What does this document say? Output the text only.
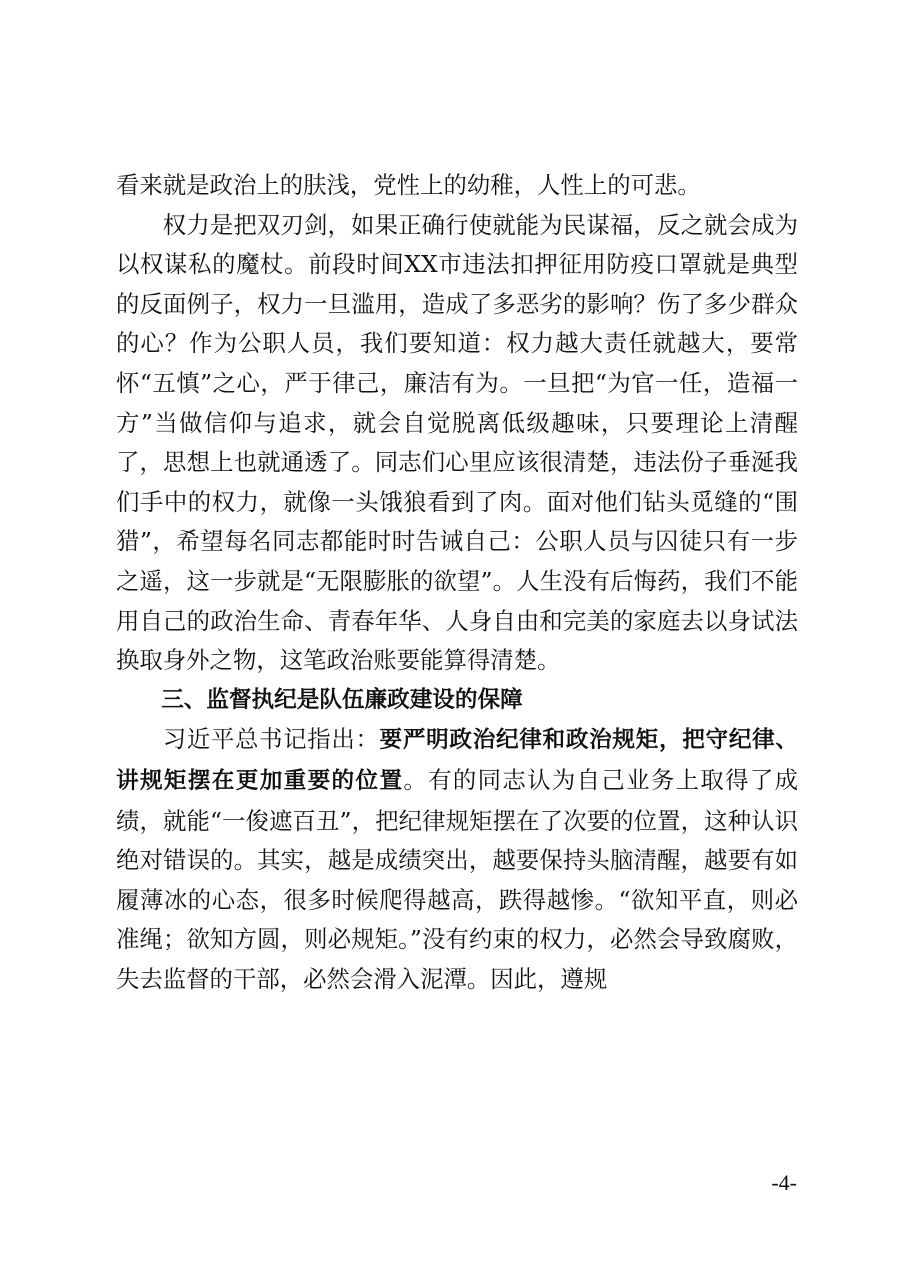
看来就是政治上的肤浅，党性上的幼稚，人性上的可悲。

权力是把双刃剑，如果正确行使就能为民谋福，反之就会成为以权谋私的魔杖。前段时间XX市违法扣押征用防疫口罩就是典型的反面例子，权力一旦滥用，造成了多恶劣的影响？伤了多少群众的心？作为公职人员，我们要知道：权力越大责任就越大，要常怀“五慎”之心，严于律己，廉洁有为。一旦把“为官一任，造福一方”当做信仰与追求，就会自觉脱离低级趣味，只要理论上清醒了，思想上也就通透了。同志们心里应该很清楚，违法份子垂涎我们手中的权力，就像一头饿狼看到了肉。面对他们钻头觅缝的“围猎”，希望每名同志都能时时告诫自己：公职人员与囚徒只有一步之遥，这一步就是“无限膨胀的欲望”。人生没有后悔药，我们不能用自己的政治生命、青春年华、人身自由和完美的家庭去以身试法换取身外之物，这笔政治账要能算得清楚。

三、监督执纪是队伍廉政建设的保障

习近平总书记指出：要严明政治纪律和政治规矩，把守纪律、讲规矩摆在更加重要的位置。有的同志认为自己业务上取得了成绩，就能“一俊遮百丑”，把纪律规矩摆在了次要的位置，这种认识绝对错误的。其实，越是成绩突出，越要保持头脑清醒，越要有如履薄冰的心态，很多时候爬得越高，跌得越惨。“欲知平直，则必准绳；欲知方圆，则必规矩。”没有约束的权力，必然会导致腐败，失去监督的干部，必然会滑入泥潭。因此，遵规

-4-
